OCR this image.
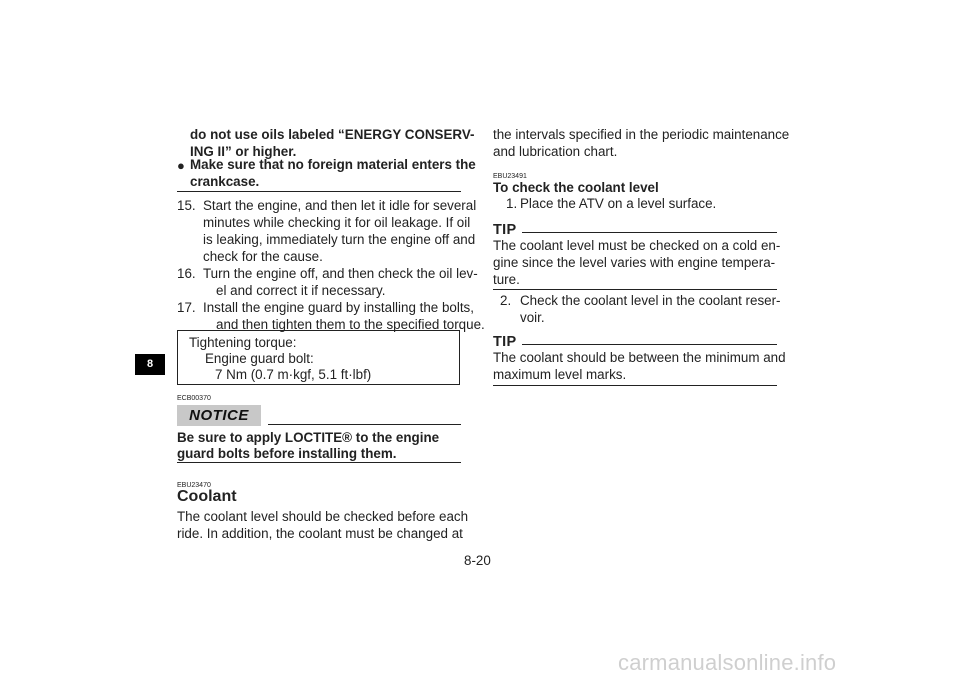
8
do not use oils labeled “ENERGY CONSERV-
ING II” or higher.
● Make sure that no foreign material enters the
crankcase.
15. Start the engine, and then let it idle for several
minutes while checking it for oil leakage. If oil
is leaking, immediately turn the engine off and
check for the cause.
16. Turn the engine off, and then check the oil lev-
el and correct it if necessary.
17. Install the engine guard by installing the bolts,
and then tighten them to the specified torque.
Tightening torque:
Engine guard bolt:
7 Nm (0.7 m·kgf, 5.1 ft·lbf)
ECB00370
NOTICE
Be sure to apply LOCTITE® to the engine
guard bolts before installing them.
EBU23470
Coolant
The coolant level should be checked before each
ride. In addition, the coolant must be changed at
the intervals specified in the periodic maintenance
and lubrication chart.
EBU23491
To check the coolant level
1. Place the ATV on a level surface.
TIP
The coolant level must be checked on a cold en-
gine since the level varies with engine tempera-
ture.
2. Check the coolant level in the coolant reser-
voir.
TIP
The coolant should be between the minimum and
maximum level marks.
8-20
carmanualsonline.info
